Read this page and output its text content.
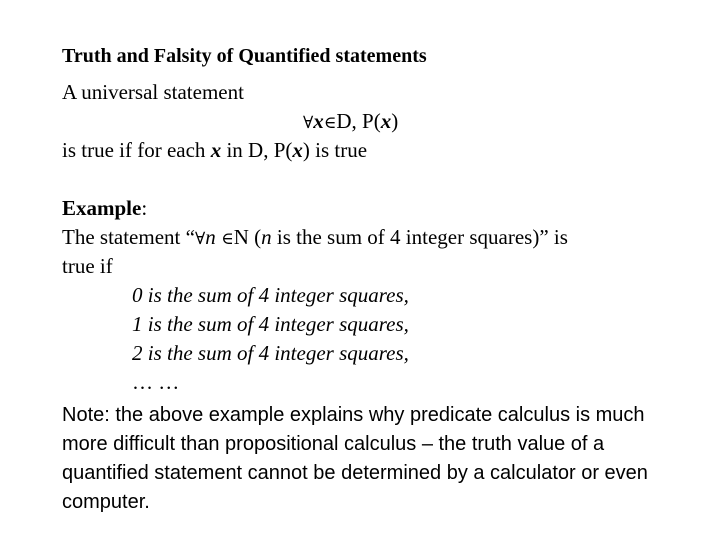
Truth and Falsity of Quantified statements
A universal statement
∀x∈D, P(x)
is true if for each x in D, P(x) is true
Example:
The statement “∀n ∈N (n is the sum of 4 integer squares)” is
true if
0 is the sum of 4 integer squares,
1 is the sum of 4 integer squares,
2 is the sum of 4 integer squares,
… …
Note: the above example explains why predicate calculus is much more difficult than propositional calculus – the truth value of a quantified statement cannot be determined by a calculator or even computer.
